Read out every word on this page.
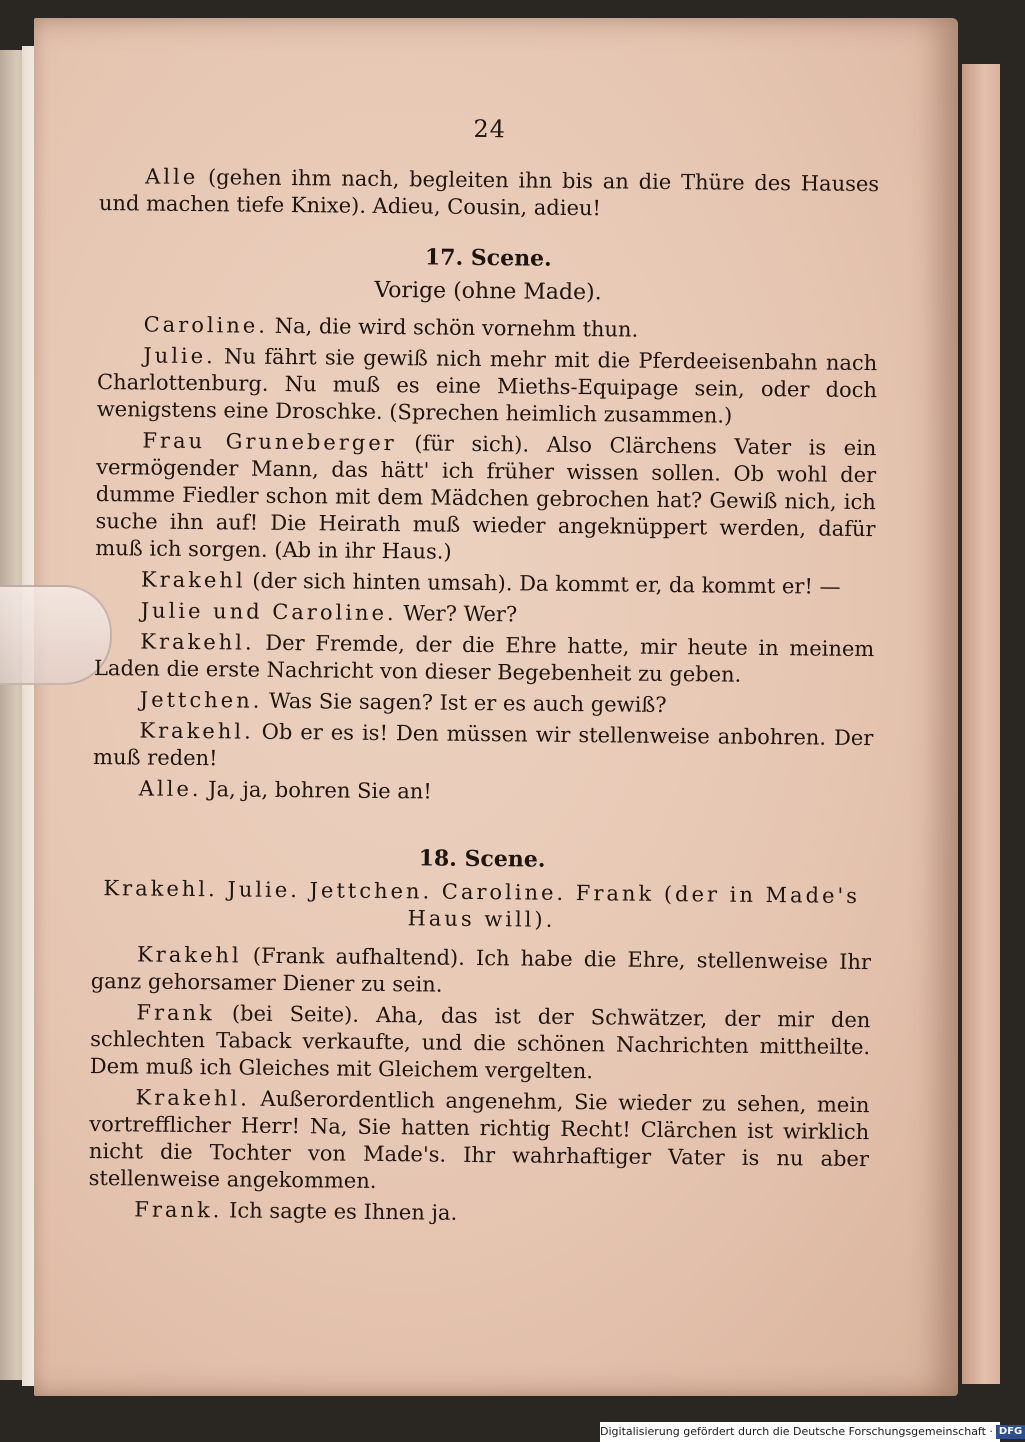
24

Alle (gehen ihm nach, begleiten ihn bis an die Thüre des Hauses und machen tiefe Knixe). Adieu, Cousin, adieu!

17. Scene.
Vorige (ohne Made).

Caroline. Na, die wird schön vornehm thun.

Julie. Nu fährt sie gewiß nich mehr mit die Pferdeeisenbahn nach Charlottenburg. Nu muß es eine Mieths-Equipage sein, oder doch wenigstens eine Droschke. (Sprechen heimlich zusammen.)

Frau Gruneberger (für sich). Also Clärchens Vater is ein vermögender Mann, das hätt' ich früher wissen sollen. Ob wohl der dumme Fiedler schon mit dem Mädchen gebrochen hat? Gewiß nich, ich suche ihn auf! Die Heirath muß wieder angeknüppert werden, dafür muß ich sorgen. (Ab in ihr Haus.)

Krakehl (der sich hinten umsah). Da kommt er, da kommt er! —

Julie und Caroline. Wer? Wer?

Krakehl. Der Fremde, der die Ehre hatte, mir heute in meinem Laden die erste Nachricht von dieser Begebenheit zu geben.

Jettchen. Was Sie sagen? Ist er es auch gewiß?

Krakehl. Ob er es is! Den müssen wir stellenweise anbohren. Der muß reden!

Alle. Ja, ja, bohren Sie an!

18. Scene.

Krakehl. Julie. Jettchen. Caroline. Frank (der in Made's Haus will).

Krakehl (Frank aufhaltend). Ich habe die Ehre, stellenweise Ihr ganz gehorsamer Diener zu sein.

Frank (bei Seite). Aha, das ist der Schwätzer, der mir den schlechten Taback verkaufte, und die schönen Nachrichten mittheilte. Dem muß ich Gleiches mit Gleichem vergelten.

Krakehl. Außerordentlich angenehm, Sie wieder zu sehen, mein vortrefflicher Herr! Na, Sie hatten richtig Recht! Clärchen ist wirklich nicht die Tochter von Made's. Ihr wahrhaftiger Vater is nu aber stellenweise angekommen.

Frank. Ich sagte es Ihnen ja.

Digitalisierung gefördert durch die Deutsche Forschungsgemeinschaft · DFG
